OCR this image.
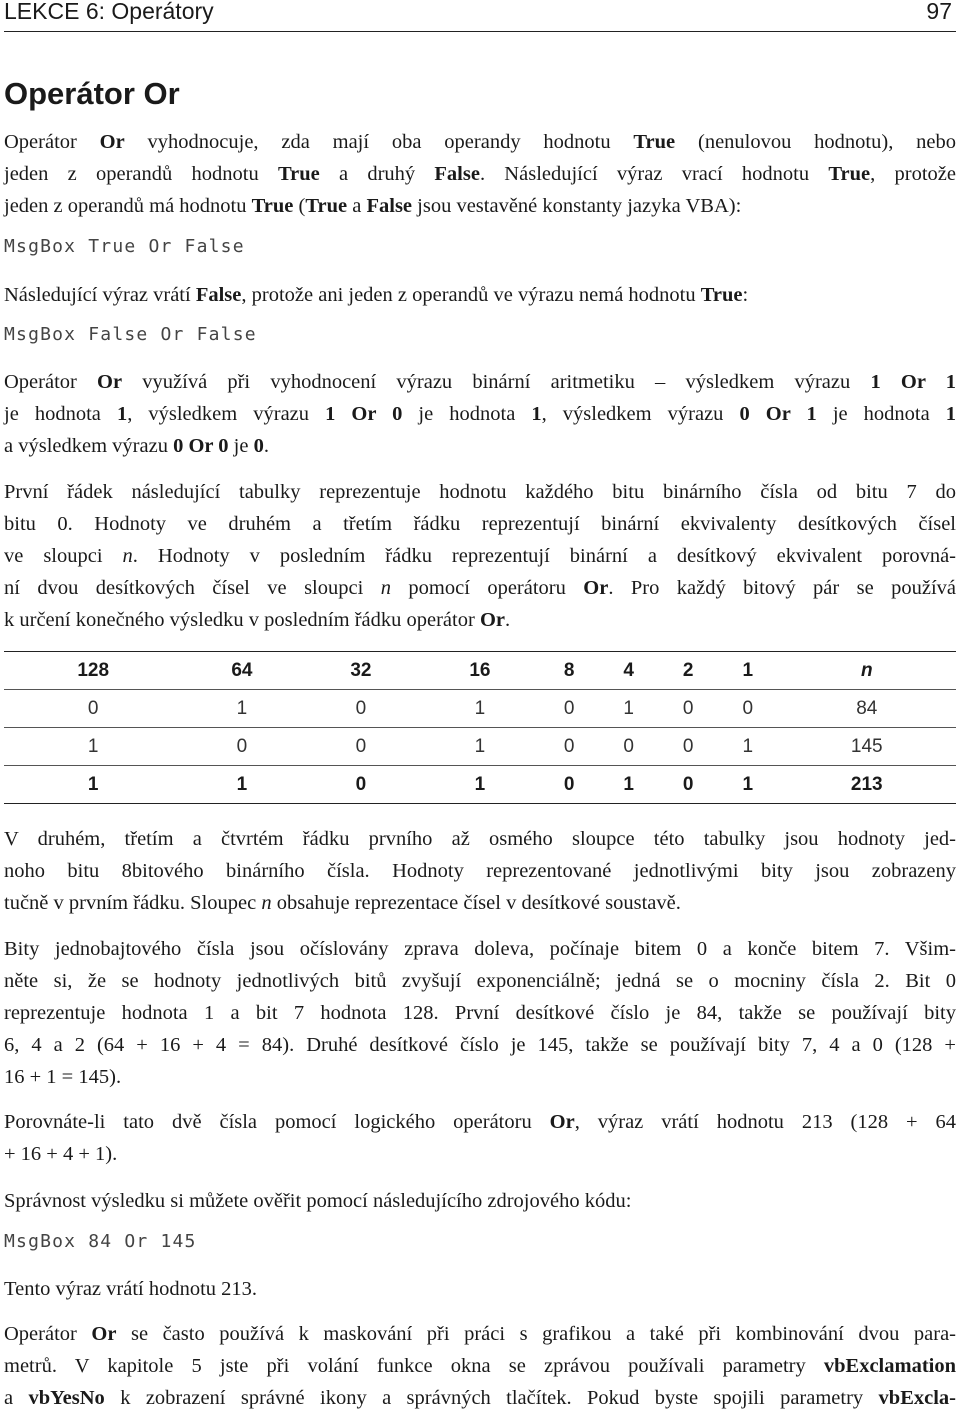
LEKCE 6: Operátory	97
Operátor Or
Operátor Or vyhodnocuje, zda mají oba operandy hodnotu True (nenulovou hodnotu), nebo
jeden z operandů hodnotu True a druhý False. Následující výraz vrací hodnotu True, protože
jeden z operandů má hodnotu True (True a False jsou vestavěné konstanty jazyka VBA):
MsgBox True Or False
Následující výraz vrátí False, protože ani jeden z operandů ve výrazu nemá hodnotu True:
MsgBox False Or False
Operátor Or využívá při vyhodnocení výrazu binární aritmetiku – výsledkem výrazu 1 Or 1
je hodnota 1, výsledkem výrazu 1 Or 0 je hodnota 1, výsledkem výrazu 0 Or 1 je hodnota 1
a výsledkem výrazu 0 Or 0 je 0.
První řádek následující tabulky reprezentuje hodnotu každého bitu binárního čísla od bitu 7 do
bitu 0. Hodnoty ve druhém a třetím řádku reprezentují binární ekvivalenty desítkových čísel
ve sloupci n. Hodnoty v posledním řádku reprezentují binární a desítkový ekvivalent porovná-
ní dvou desítkových čísel ve sloupci n pomocí operátoru Or. Pro každý bitový pár se používá
k určení konečného výsledku v posledním řádku operátor Or.
128	64	32	16	8	4	2	1	n
0	1	0	1	0	1	0	0	84
1	0	0	1	0	0	0	1	145
1	1	0	1	0	1	0	1	213
V druhém, třetím a čtvrtém řádku prvního až osmého sloupce této tabulky jsou hodnoty jed-
noho bitu 8bitového binárního čísla. Hodnoty reprezentované jednotlivými bity jsou zobrazeny
tučně v prvním řádku. Sloupec n obsahuje reprezentace čísel v desítkové soustavě.
Bity jednobajtového čísla jsou očíslovány zprava doleva, počínaje bitem 0 a konče bitem 7. Všim-
něte si, že se hodnoty jednotlivých bitů zvyšují exponenciálně; jedná se o mocniny čísla 2. Bit 0
reprezentuje hodnota 1 a bit 7 hodnota 128. První desítkové číslo je 84, takže se používají bity
6, 4 a 2 (64 + 16 + 4 = 84). Druhé desítkové číslo je 145, takže se používají bity 7, 4 a 0 (128 +
16 + 1 = 145).
Porovnáte-li tato dvě čísla pomocí logického operátoru Or, výraz vrátí hodnotu 213 (128 + 64
+ 16 + 4 + 1).
Správnost výsledku si můžete ověřit pomocí následujícího zdrojového kódu:
MsgBox 84 Or 145
Tento výraz vrátí hodnotu 213.
Operátor Or se často používá k maskování při práci s grafikou a také při kombinování dvou para-
metrů. V kapitole 5 jste při volání funkce okna se zprávou používali parametry vbExclamation
a vbYesNo k zobrazení správné ikony a správných tlačítek. Pokud byste spojili parametry vbExcla-
